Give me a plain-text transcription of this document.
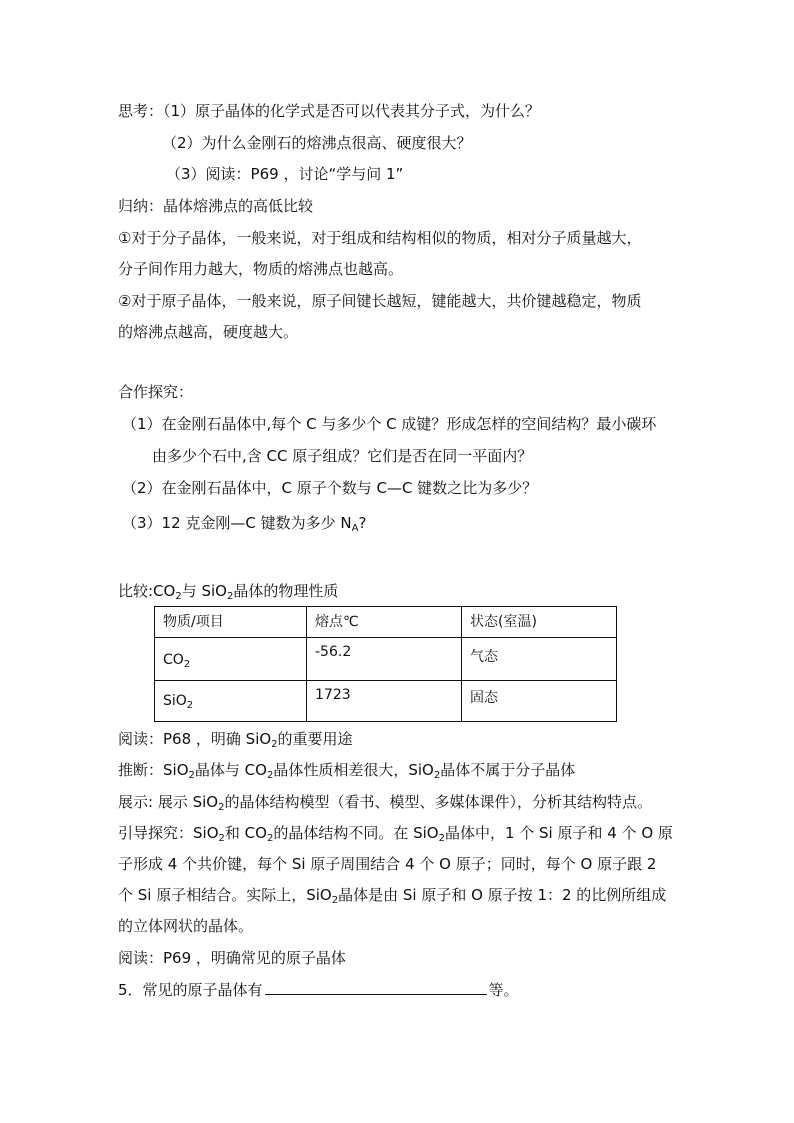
思考：（1）原子晶体的化学式是否可以代表其分子式，为什么？
（2）为什么金刚石的熔沸点很高、硬度很大？
（3）阅读：P69 ，讨论“学与问 1”
归纳：晶体熔沸点的高低比较
①对于分子晶体，一般来说，对于组成和结构相似的物质，相对分子质量越大，
分子间作用力越大，物质的熔沸点也越高。
②对于原子晶体，一般来说，原子间键长越短，键能越大，共价键越稳定，物质
的熔沸点越高，硬度越大。
合作探究：
（1）在金刚石晶体中,每个 C 与多少个 C 成键？形成怎样的空间结构？最小碳环
由多少个石中,含 CC 原子组成？它们是否在同一平面内？
（2）在金刚石晶体中，C 原子个数与 C—C 键数之比为多少？
（3）12 克金刚—C 键数为多少 $N_A$?
比较$:CO_2$与 SiO$_2$晶体的物理性质
物质/项目	熔点℃	状态(室温)

$CO_2$	-56.2	气态

SiO$_2$	1723	固态
阅读：P68 ，明确 SiO$_2$的重要用途
推断：SiO$_2$晶体与 $CO_2$晶体性质相差很大，SiO$_2$晶体不属于分子晶体
展示: 展示 SiO$_2$的晶体结构模型（看书、模型、多媒体课件），分析其结构特点。
引导探究：SiO$_2$和 $CO_2$的晶体结构不同。在 SiO$_2$晶体中，1 个 Si 原子和 4 个 O 原
子形成 4 个共价键，每个 Si 原子周围结合 4 个 O 原子；同时，每个 O 原子跟 2
个 Si 原子相结合。实际上，SiO$_2$晶体是由 Si 原子和 O 原子按 1：2 的比例所组成
的立体网状的晶体。
阅读：P69 ，明确常见的原子晶体
5．常见的原子晶体有	等。
